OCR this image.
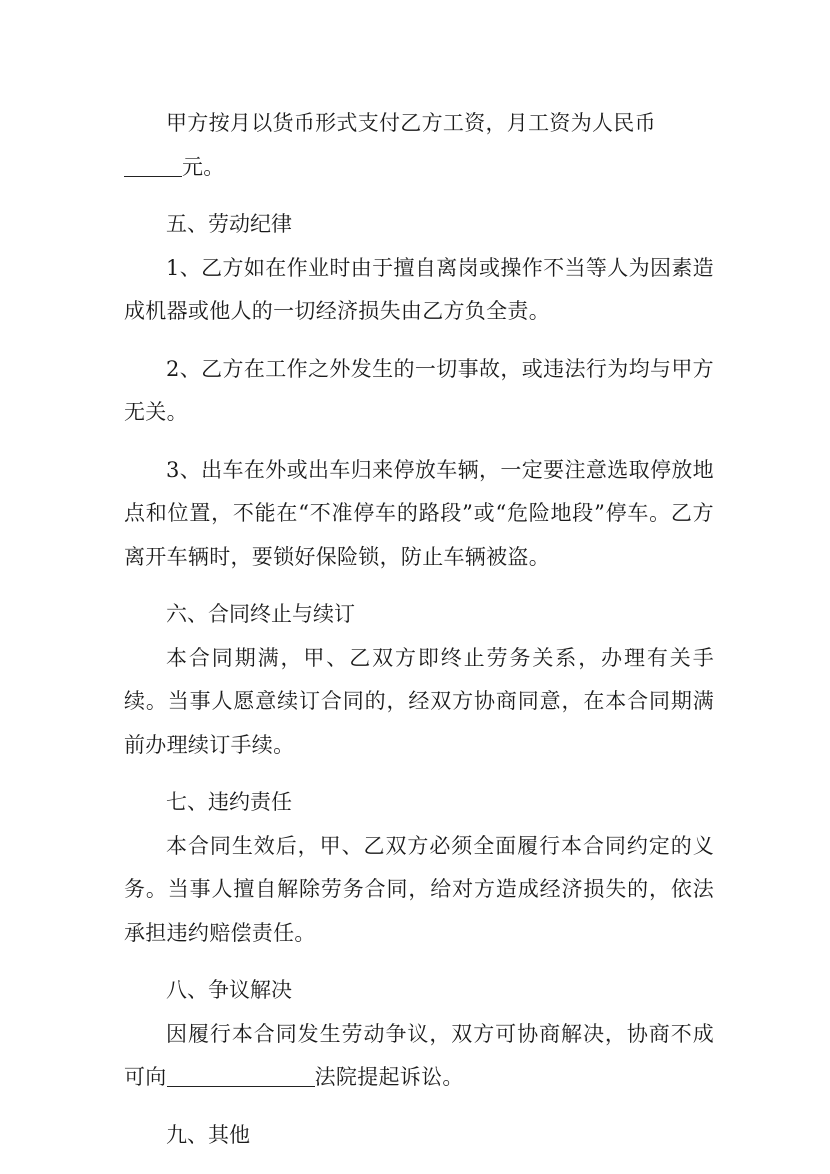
甲方按月以货币形式支付乙方工资，月工资为人民币
元。

五、劳动纪律

1、乙方如在作业时由于擅自离岗或操作不当等人为因素造成机器或他人的一切经济损失由乙方负全责。

2、乙方在工作之外发生的一切事故，或违法行为均与甲方无关。

3、出车在外或出车归来停放车辆，一定要注意选取停放地点和位置，不能在“不准停车的路段”或“危险地段”停车。乙方离开车辆时，要锁好保险锁，防止车辆被盗。

六、合同终止与续订

本合同期满，甲、乙双方即终止劳务关系，办理有关手续。当事人愿意续订合同的，经双方协商同意，在本合同期满前办理续订手续。

七、违约责任

本合同生效后，甲、乙双方必须全面履行本合同约定的义务。当事人擅自解除劳务合同，给对方造成经济损失的，依法承担违约赔偿责任。

八、争议解决

因履行本合同发生劳动争议，双方可协商解决，协商不成可向	法院提起诉讼。

九、其他
